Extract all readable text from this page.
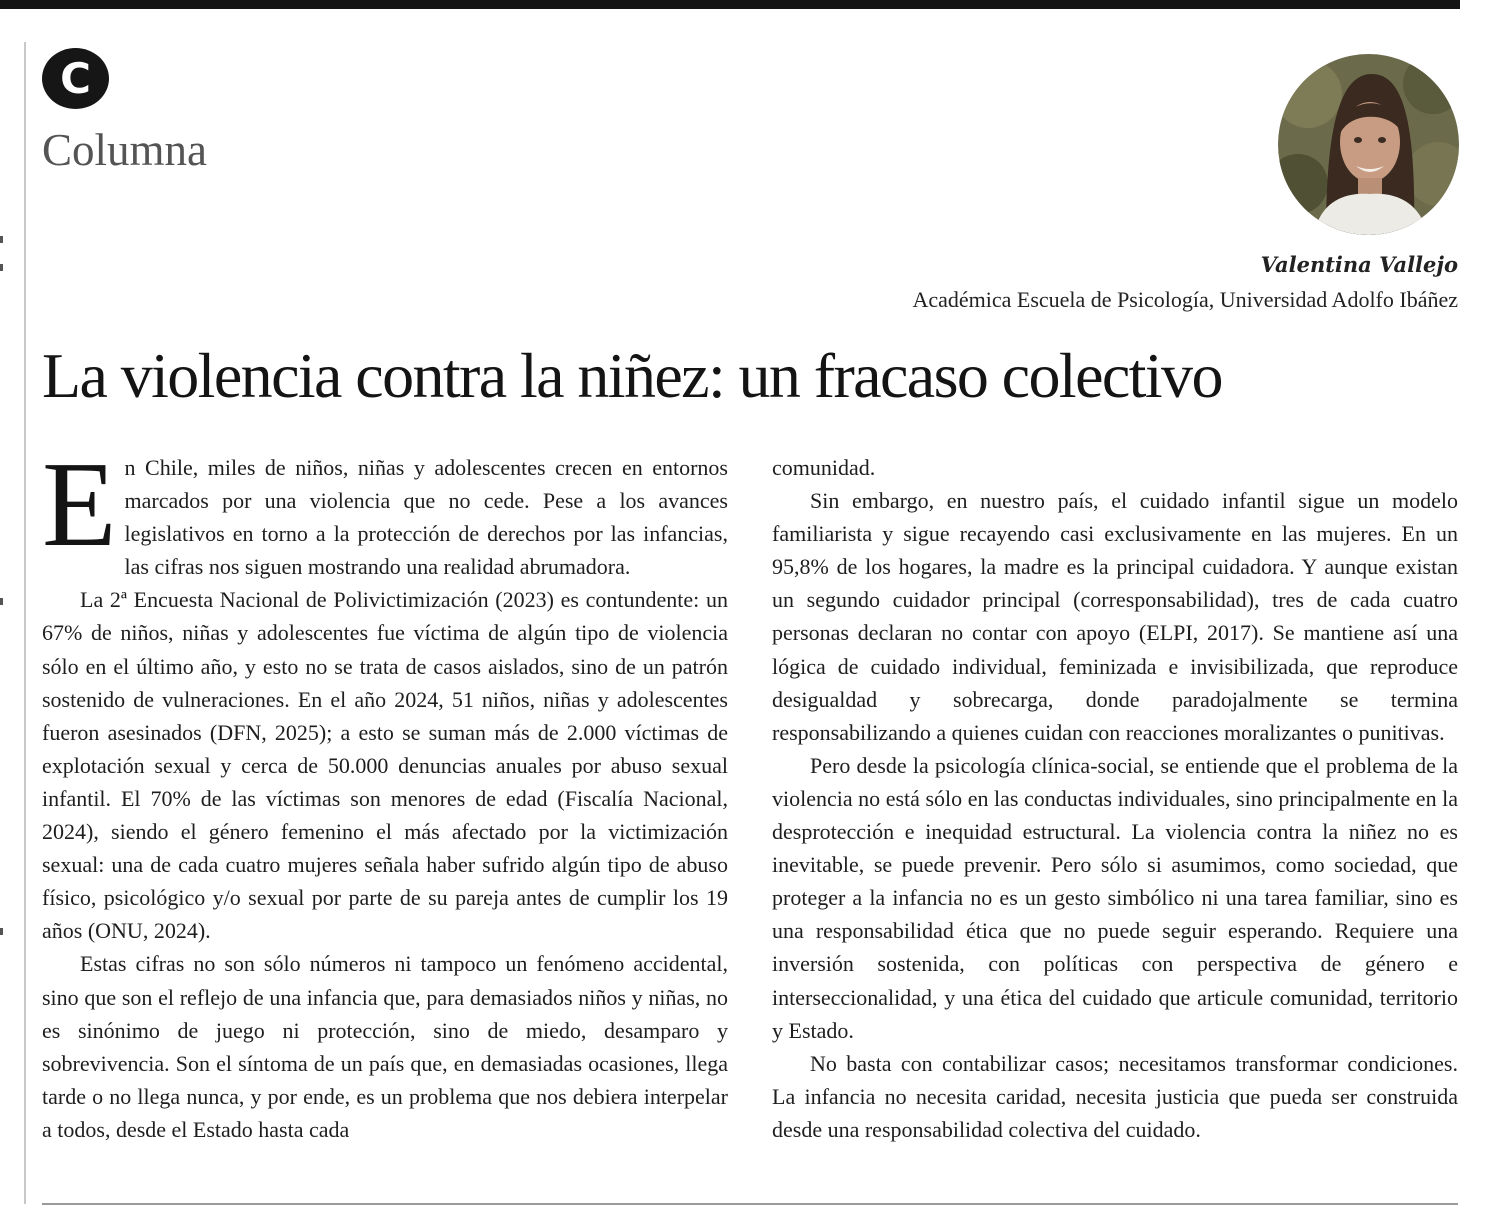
C
Columna
Valentina Vallejo
Académica Escuela de Psicología, Universidad Adolfo Ibáñez
La violencia contra la niñez: un fracaso colectivo

En Chile, miles de niños, niñas y adolescentes crecen en entornos marcados por una violencia que no cede. Pese a los avances legislativos en torno a la protección de derechos por las infancias, las cifras nos siguen mostrando una realidad abrumadora.

La 2ª Encuesta Nacional de Polivictimización (2023) es contundente: un 67% de niños, niñas y adolescentes fue víctima de algún tipo de violencia sólo en el último año, y esto no se trata de casos aislados, sino de un patrón sostenido de vulneraciones. En el año 2024, 51 niños, niñas y adolescentes fueron asesinados (DFN, 2025); a esto se suman más de 2.000 víctimas de explotación sexual y cerca de 50.000 denuncias anuales por abuso sexual infantil. El 70% de las víctimas son menores de edad (Fiscalía Nacional, 2024), siendo el género femenino el más afectado por la victimización sexual: una de cada cuatro mujeres señala haber sufrido algún tipo de abuso físico, psicológico y/o sexual por parte de su pareja antes de cumplir los 19 años (ONU, 2024).

Estas cifras no son sólo números ni tampoco un fenómeno accidental, sino que son el reflejo de una infancia que, para demasiados niños y niñas, no es sinónimo de juego ni protección, sino de miedo, desamparo y sobrevivencia. Son el síntoma de un país que, en demasiadas ocasiones, llega tarde o no llega nunca, y por ende, es un problema que nos debiera interpelar a todos, desde el Estado hasta cada

comunidad.

Sin embargo, en nuestro país, el cuidado infantil sigue un modelo familiarista y sigue recayendo casi exclusivamente en las mujeres. En un 95,8% de los hogares, la madre es la principal cuidadora. Y aunque existan un segundo cuidador principal (corresponsabilidad), tres de cada cuatro personas declaran no contar con apoyo (ELPI, 2017). Se mantiene así una lógica de cuidado individual, feminizada e invisibilizada, que reproduce desigualdad y sobrecarga, donde paradojalmente se termina responsabilizando a quienes cuidan con reacciones moralizantes o punitivas.

Pero desde la psicología clínica-social, se entiende que el problema de la violencia no está sólo en las conductas individuales, sino principalmente en la desprotección e inequidad estructural. La violencia contra la niñez no es inevitable, se puede prevenir. Pero sólo si asumimos, como sociedad, que proteger a la infancia no es un gesto simbólico ni una tarea familiar, sino es una responsabilidad ética que no puede seguir esperando. Requiere una inversión sostenida, con políticas con perspectiva de género e interseccionalidad, y una ética del cuidado que articule comunidad, territorio y Estado.

No basta con contabilizar casos; necesitamos transformar condiciones. La infancia no necesita caridad, necesita justicia que pueda ser construida desde una responsabilidad colectiva del cuidado.
